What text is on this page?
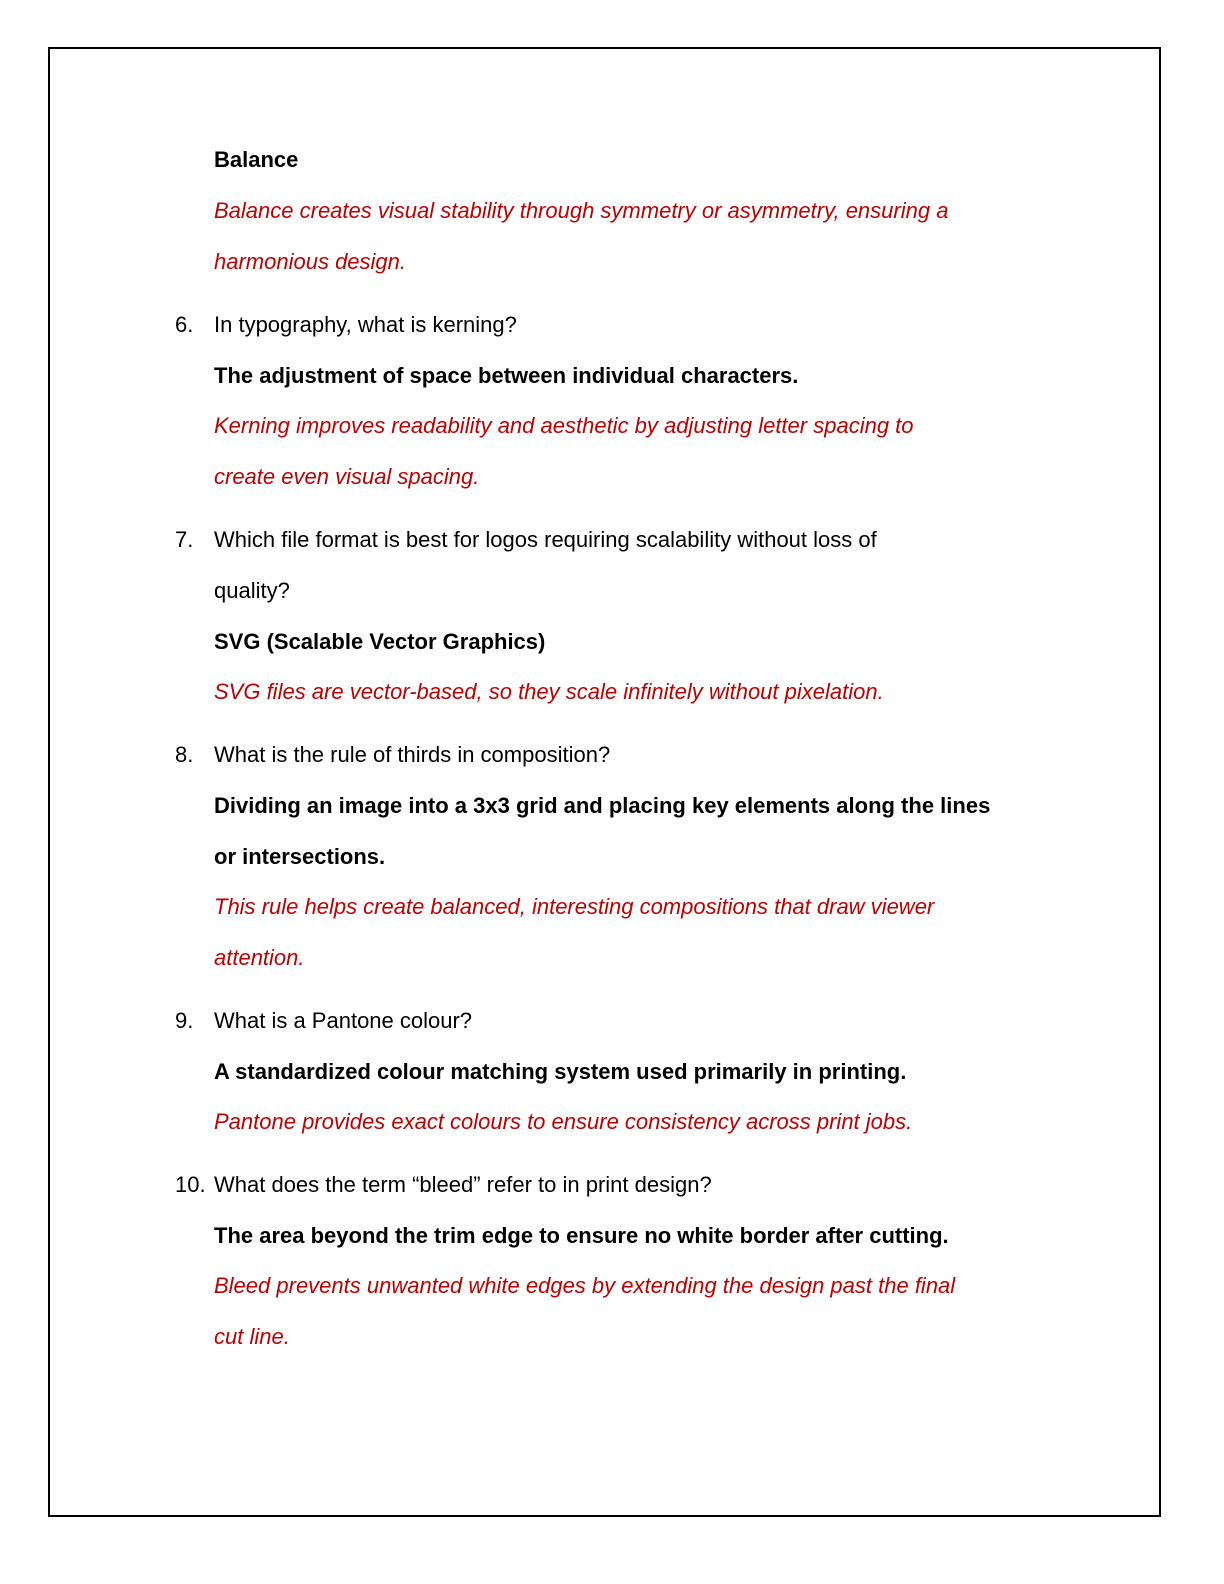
Balance
Balance creates visual stability through symmetry or asymmetry, ensuring a
harmonious design.
6. In typography, what is kerning?
The adjustment of space between individual characters.
Kerning improves readability and aesthetic by adjusting letter spacing to
create even visual spacing.
7. Which file format is best for logos requiring scalability without loss of
quality?
SVG (Scalable Vector Graphics)
SVG files are vector-based, so they scale infinitely without pixelation.
8. What is the rule of thirds in composition?
Dividing an image into a 3x3 grid and placing key elements along the lines
or intersections.
This rule helps create balanced, interesting compositions that draw viewer
attention.
9. What is a Pantone colour?
A standardized colour matching system used primarily in printing.
Pantone provides exact colours to ensure consistency across print jobs.
10. What does the term “bleed” refer to in print design?
The area beyond the trim edge to ensure no white border after cutting.
Bleed prevents unwanted white edges by extending the design past the final
cut line.
